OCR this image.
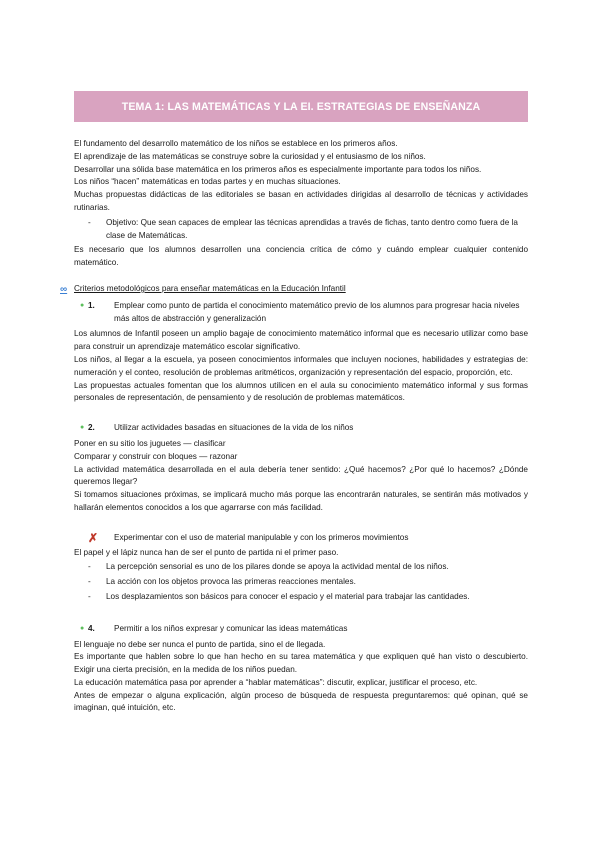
TEMA 1: LAS MATEMÁTICAS Y LA EI. ESTRATEGIAS DE ENSEÑANZA

El fundamento del desarrollo matemático de los niños se establece en los primeros años.

El aprendizaje de las matemáticas se construye sobre la curiosidad y el entusiasmo de los niños.

Desarrollar una sólida base matemática en los primeros años es especialmente importante para todos los niños.

Los niños “hacen” matemáticas en todas partes y en muchas situaciones.

Muchas propuestas didácticas de las editoriales se basan en actividades dirigidas al desarrollo de técnicas y actividades rutinarias.

-	Objetivo: Que sean capaces de emplear las técnicas aprendidas a través de fichas, tanto dentro como fuera de la clase de Matemáticas.

Es necesario que los alumnos desarrollen una conciencia crítica de cómo y cuándo emplear cualquier contenido matemático.

∞ Criterios metodológicos para enseñar matemáticas en la Educación Infantil
● 1.	Emplear como punto de partida el conocimiento matemático previo de los alumnos para progresar hacia niveles más altos de abstracción y generalización

Los alumnos de Infantil poseen un amplio bagaje de conocimiento matemático informal que es necesario utilizar como base para construir un aprendizaje matemático escolar significativo.

Los niños, al llegar a la escuela, ya poseen conocimientos informales que incluyen nociones, habilidades y estrategias de: numeración y el conteo, resolución de problemas aritméticos, organización y representación del espacio, proporción, etc.

Las propuestas actuales fomentan que los alumnos utilicen en el aula su conocimiento matemático informal y sus formas personales de representación, de pensamiento y de resolución de problemas matemáticos.

● 2.	Utilizar actividades basadas en situaciones de la vida de los niños

Poner en su sitio los juguetes — clasificar

Comparar y construir con bloques — razonar

La actividad matemática desarrollada en el aula debería tener sentido: ¿Qué hacemos? ¿Por qué lo hacemos? ¿Dónde queremos llegar?

Si tomamos situaciones próximas, se implicará mucho más porque las encontrarán naturales, se sentirán más motivados y hallarán elementos conocidos a los que agarrarse con más facilidad.

✗	Experimentar con el uso de material manipulable y con los primeros movimientos

El papel y el lápiz nunca han de ser el punto de partida ni el primer paso.

-	La percepción sensorial es uno de los pilares donde se apoya la actividad mental de los niños.
-	La acción con los objetos provoca las primeras reacciones mentales.
-	Los desplazamientos son básicos para conocer el espacio y el material para trabajar las cantidades.
● 4.	Permitir a los niños expresar y comunicar las ideas matemáticas

El lenguaje no debe ser nunca el punto de partida, sino el de llegada.

Es importante que hablen sobre lo que han hecho en su tarea matemática y que expliquen qué han visto o descubierto. Exigir una cierta precisión, en la medida de los niños puedan.

La educación matemática pasa por aprender a “hablar matemáticas”: discutir, explicar, justificar el proceso, etc.

Antes de empezar o alguna explicación, algún proceso de búsqueda de respuesta preguntaremos: qué opinan, qué se imaginan, qué intuición, etc.
